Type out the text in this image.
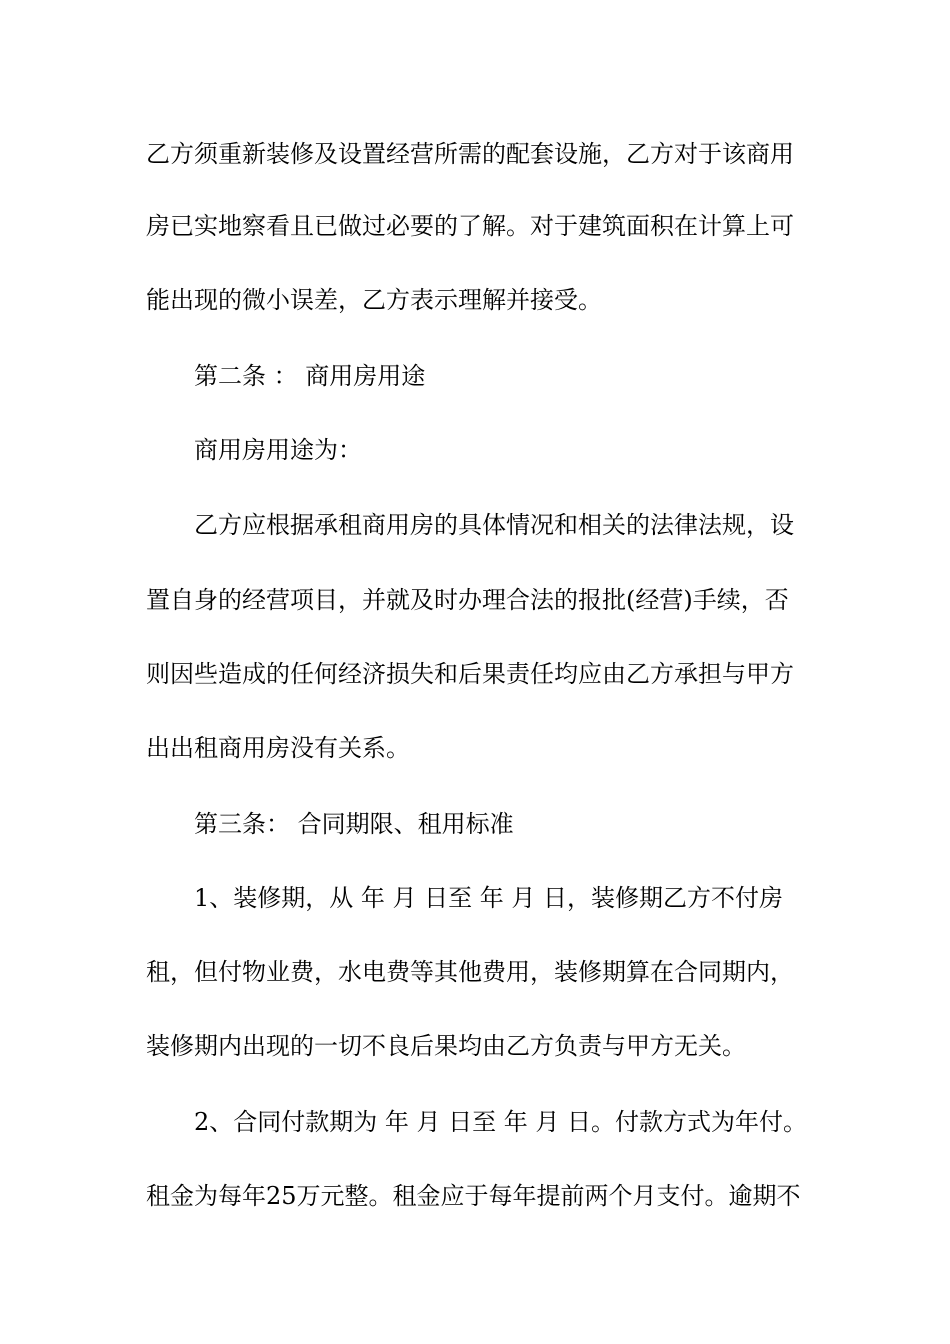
乙方须重新装修及设置经营所需的配套设施，乙方对于该商用
房已实地察看且已做过必要的了解。对于建筑面积在计算上可
能出现的微小误差，乙方表示理解并接受。
第二条 ： 商用房用途
商用房用途为：
乙方应根据承租商用房的具体情况和相关的法律法规，设
置自身的经营项目，并就及时办理合法的报批(经营)手续，否
则因些造成的任何经济损失和后果责任均应由乙方承担与甲方
出出租商用房没有关系。
第三条： 合同期限、租用标准
1、装修期，从 年 月 日至 年 月 日，装修期乙方不付房
租，但付物业费，水电费等其他费用，装修期算在合同期内，
装修期内出现的一切不良后果均由乙方负责与甲方无关。
2、合同付款期为 年 月 日至 年 月 日。付款方式为年付。
租金为每年25万元整。租金应于每年提前两个月支付。逾期不
